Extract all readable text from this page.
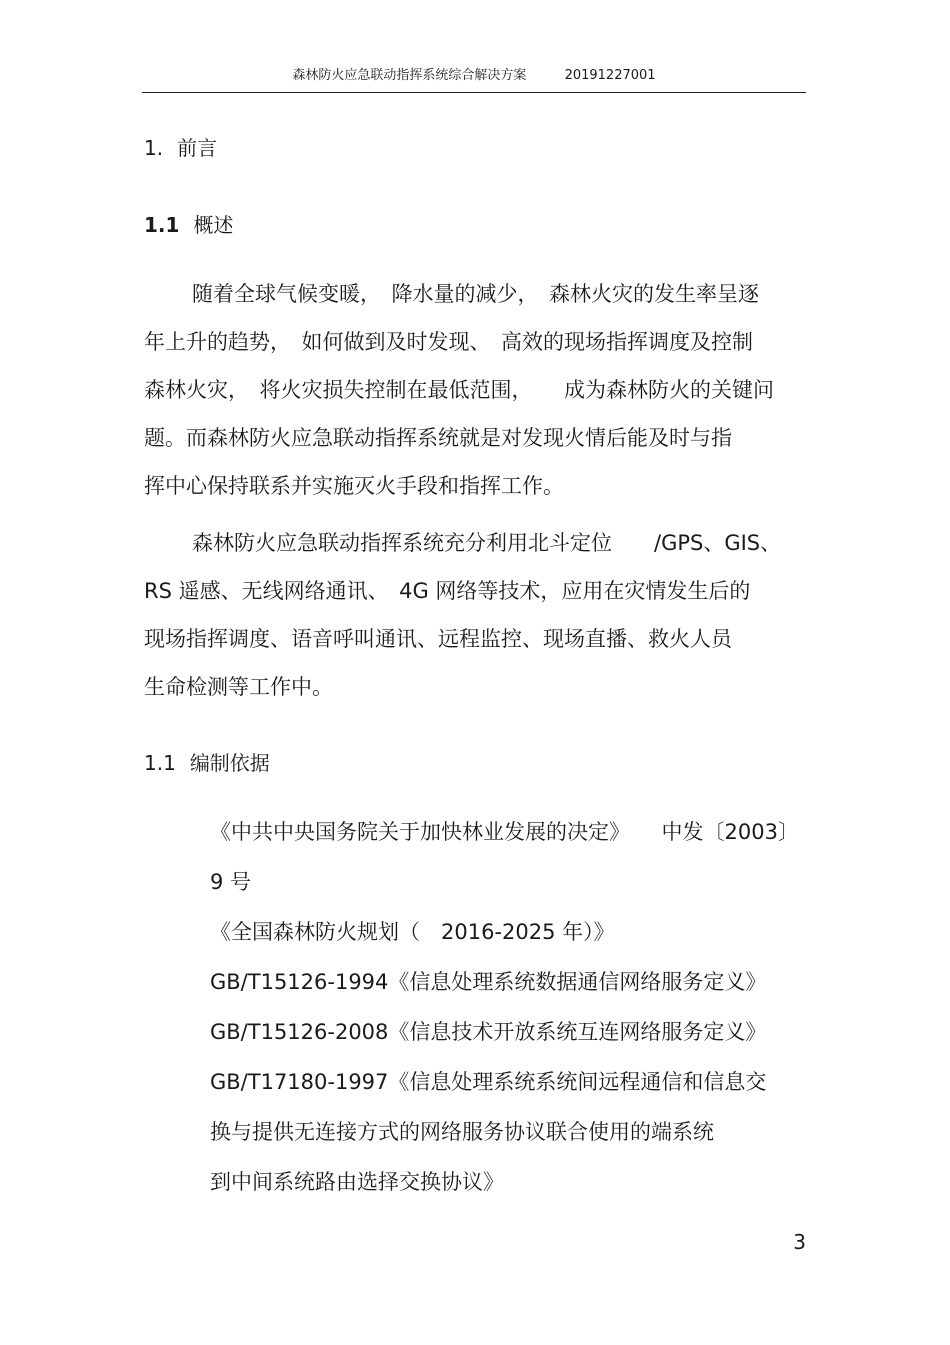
森林防火应急联动指挥系统综合解决方案	20191227001
1. 前言
1.1 概述
随着全球气候变暖，　降水量的减少，　森林火灾的发生率呈逐
年上升的趋势，　如何做到及时发现、　高效的现场指挥调度及控制
森林火灾，　将火灾损失控制在最低范围，　　成为森林防火的关键问
题。而森林防火应急联动指挥系统就是对发现火情后能及时与指
挥中心保持联系并实施灭火手段和指挥工作。
森林防火应急联动指挥系统充分利用北斗定位　　/GPS、GIS、
RS 遥感、无线网络通讯、　4G 网络等技术，应用在灾情发生后的
现场指挥调度、语音呼叫通讯、远程监控、现场直播、救火人员
生命检测等工作中。
1.1 编制依据
《中共中央国务院关于加快林业发展的决定》　　中发〔2003〕
9 号
《全国森林防火规划（　2016-2025 年）》
GB/T15126-1994《信息处理系统数据通信网络服务定义》
GB/T15126-2008《信息技术开放系统互连网络服务定义》
GB/T17180-1997《信息处理系统系统间远程通信和信息交
换与提供无连接方式的网络服务协议联合使用的端系统
到中间系统路由选择交换协议》
3
